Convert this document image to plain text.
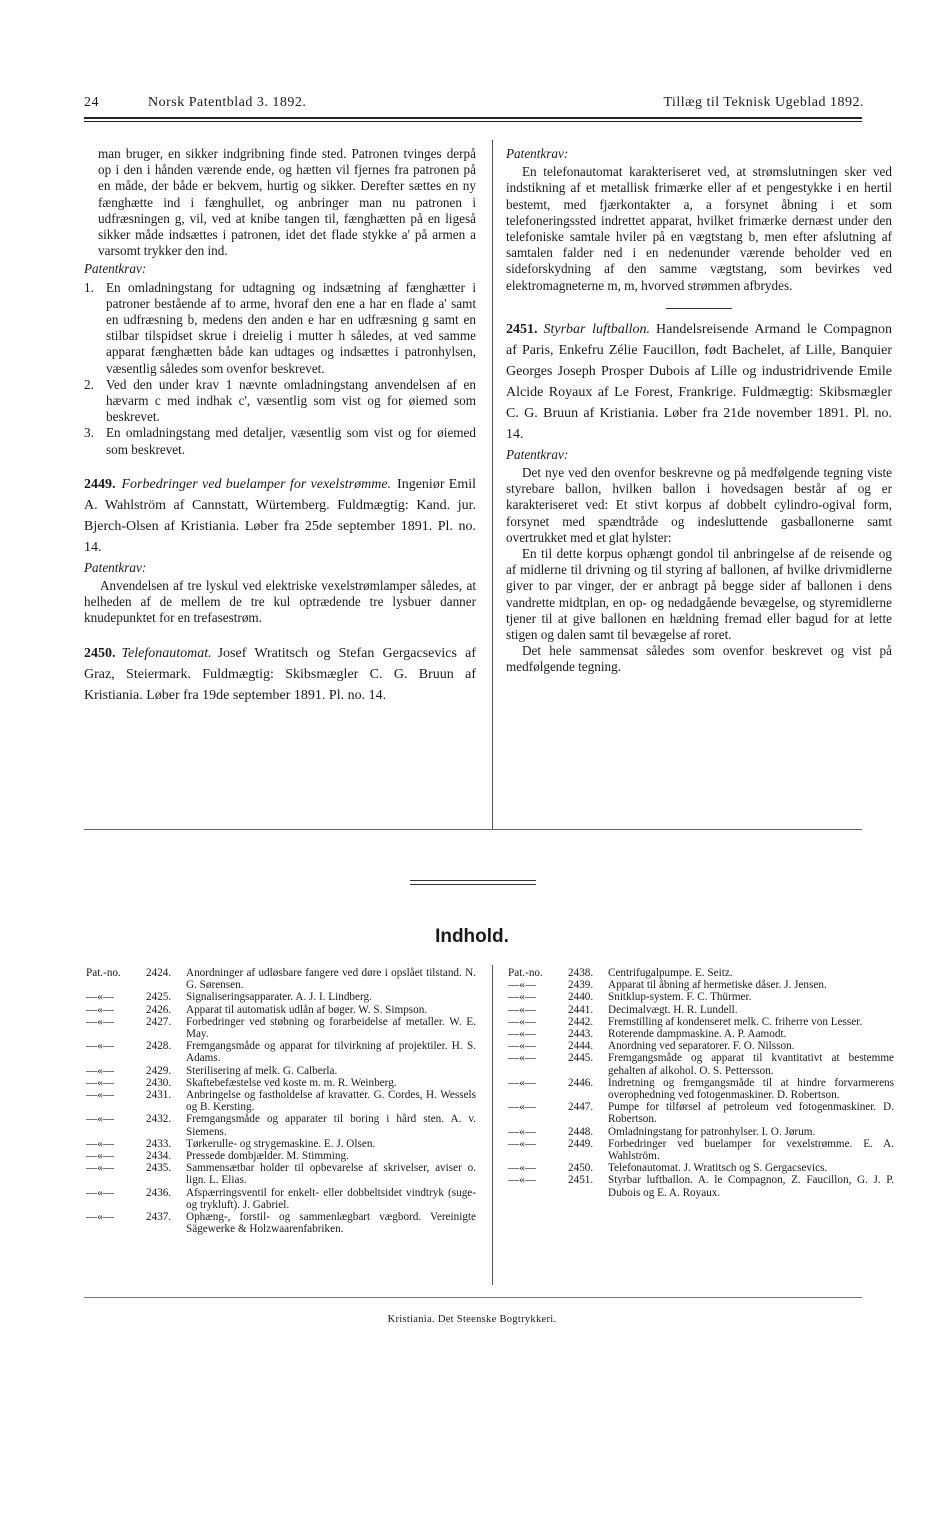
24	Norsk Patentblad 3. 1892.	Tillæg til Teknisk Ugeblad 1892.
man bruger, en sikker indgribning finde sted. Patronen tvinges derpå op i den i hånden værende ende, og hætten vil fjernes fra patronen på en måde, der både er bekvem, hurtig og sikker. Derefter sættes en ny fænghætte ind i fænghullet, og anbringer man nu patronen i udfræsningen g, vil, ved at knibe tangen til, fænghætten på en ligeså sikker måde indsættes i patronen, idet det flade stykke a' på armen a varsomt trykker den ind.
Patentkrav:
1. En omladningstang for udtagning og indsætning af fænghætter i patroner bestående af to arme, hvoraf den ene a har en flade a' samt en udfræsning b, medens den anden e har en udfræsning g samt en stilbar tilspidset skrue i dreielig i mutter h således, at ved samme apparat fænghætten både kan udtages og indsættes i patronhylsen, væsentlig således som ovenfor beskrevet.
2. Ved den under krav 1 nævnte omladningstang anvendelsen af en hævarm c med indhak c', væsentlig som vist og for øiemed som beskrevet.
3. En omladningstang med detaljer, væsentlig som vist og for øiemed som beskrevet.
2449. Forbedringer ved buelamper for vexelstrømme. Ingeniør Emil A. Wahlström af Cannstatt, Würtemberg. Fuldmægtig: Kand. jur. Bjerch-Olsen af Kristiania. Løber fra 25de september 1891. Pl. no. 14.
Patentkrav:

Anvendelsen af tre lyskul ved elektriske vexelstrømlamper således, at helheden af de mellem de tre kul optrædende tre lysbuer danner knudepunktet for en trefasestrøm.

2450. Telefonautomat. Josef Wratitsch og Stefan Gergacsevics af Graz, Steiermark. Fuldmægtig: Skibsmægler C. G. Bruun af Kristiania. Løber fra 19de september 1891. Pl. no. 14.
Patentkrav:

En telefonautomat karakteriseret ved, at strømslutningen sker ved indstikning af et metallisk frimærke eller af et pengestykke i en hertil bestemt, med fjærkontakter a, a forsynet åbning i et som telefoneringssted indrettet apparat, hvilket frimærke dernæst under den telefoniske samtale hviler på en vægtstang b, men efter afslutning af samtalen falder ned i en nedenunder værende beholder ved en sideforskydning af den samme vægtstang, som bevirkes ved elektromagneterne m, m, hvorved strømmen afbrydes.

2451. Styrbar luftballon. Handelsreisende Armand le Compagnon af Paris, Enkefru Zélie Faucillon, født Bachelet, af Lille, Banquier Georges Joseph Prosper Dubois af Lille og industridrivende Emile Alcide Royaux af Le Forest, Frankrige. Fuldmægtig: Skibsmægler C. G. Bruun af Kristiania. Løber fra 21de november 1891. Pl. no. 14.
Patentkrav:

Det nye ved den ovenfor beskrevne og på medfølgende tegning viste styrebare ballon, hvilken ballon i hovedsagen består af og er karakteriseret ved: Et stivt korpus af dobbelt cylindro-ogival form, forsynet med spændtråde og indesluttende gasballonerne samt overtrukket med et glat hylster:

En til dette korpus ophængt gondol til anbringelse af de reisende og af midlerne til drivning og til styring af ballonen, af hvilke drivmidlerne giver to par vinger, der er anbragt på begge sider af ballonen i dens vandrette midtplan, en op- og nedadgående bevægelse, og styremidlerne tjener til at give ballonen en hældning fremad eller bagud for at lette stigen og dalen samt til bevægelse af roret.

Det hele sammensat således som ovenfor beskrevet og vist på medfølgende tegning.

Indhold.
Pat.-no.	2424.	Anordninger af udløsbare fangere ved døre i opslået tilstand. N. G. Sørensen.
—«—	2425.	Signaliseringsapparater. A. J. I. Lindberg.
—«—	2426.	Apparat til automatisk udlån af bøger. W. S. Simpson.
—«—	2427.	Forbedringer ved støbning og forarbeidelse af metaller. W. E. May.
—«—	2428.	Fremgangsmåde og apparat for tilvirkning af projektiler. H. S. Adams.
—«—	2429.	Sterilisering af melk. G. Calberla.
—«—	2430.	Skaftebefæstelse ved koste m. m. R. Weinberg.
—«—	2431.	Anbringelse og fastholdelse af kravatter. G. Cordes, H. Wessels og B. Kersting.
—«—	2432.	Fremgangsmåde og apparater til boring i hård sten. A. v. Siemens.
—«—	2433.	Tørkerulle- og strygemaskine. E. J. Olsen.
—«—	2434.	Pressede dombjælder. M. Stimming.
—«—	2435.	Sammensætbar holder til opbevarelse af skrivelser, aviser o. lign. L. Elias.
—«—	2436.	Afspærringsventil for enkelt- eller dobbeltsidet vindtryk (suge- og trykluft). J. Gabriel.
—«—	2437.	Ophæng-, forstil- og sammenlægbart vægbord. Vereinigte Sägewerke & Holzwaarenfabriken.
Pat.-no.	2438.	Centrifugalpumpe. E. Seitz.
—«—	2439.	Apparat til åbning af hermetiske dåser. J. Jensen.
—«—	2440.	Snitklup-system. F. C. Thürmer.
—«—	2441.	Decimalvægt. H. R. Lundell.
—«—	2442.	Fremstilling af kondenseret melk. C. friherre von Lesser.
—«—	2443.	Roterende dampmaskine. A. P. Aamodt.
—«—	2444.	Anordning ved separatorer. F. O. Nilsson.
—«—	2445.	Fremgangsmåde og apparat til kvantitativt at bestemme gehalten af alkohol. O. S. Pettersson.
—«—	2446.	Indretning og fremgangsmåde til at hindre forvarmerens overophedning ved fotogenmaskiner. D. Robertson.
—«—	2447.	Pumpe for tilførsel af petroleum ved fotogenmaskiner. D. Robertson.
—«—	2448.	Omladningstang for patronhylser. I. O. Jørum.
—«—	2449.	Forbedringer ved buelamper for vexelstrømme. E. A. Wahlström.
—«—	2450.	Telefonautomat. J. Wratitsch og S. Gergacsevics.
—«—	2451.	Styrbar luftballon. A. le Compagnon, Z. Faucillon, G. J. P. Dubois og E. A. Royaux.
Kristiania. Det Steenske Bogtrykkeri.
